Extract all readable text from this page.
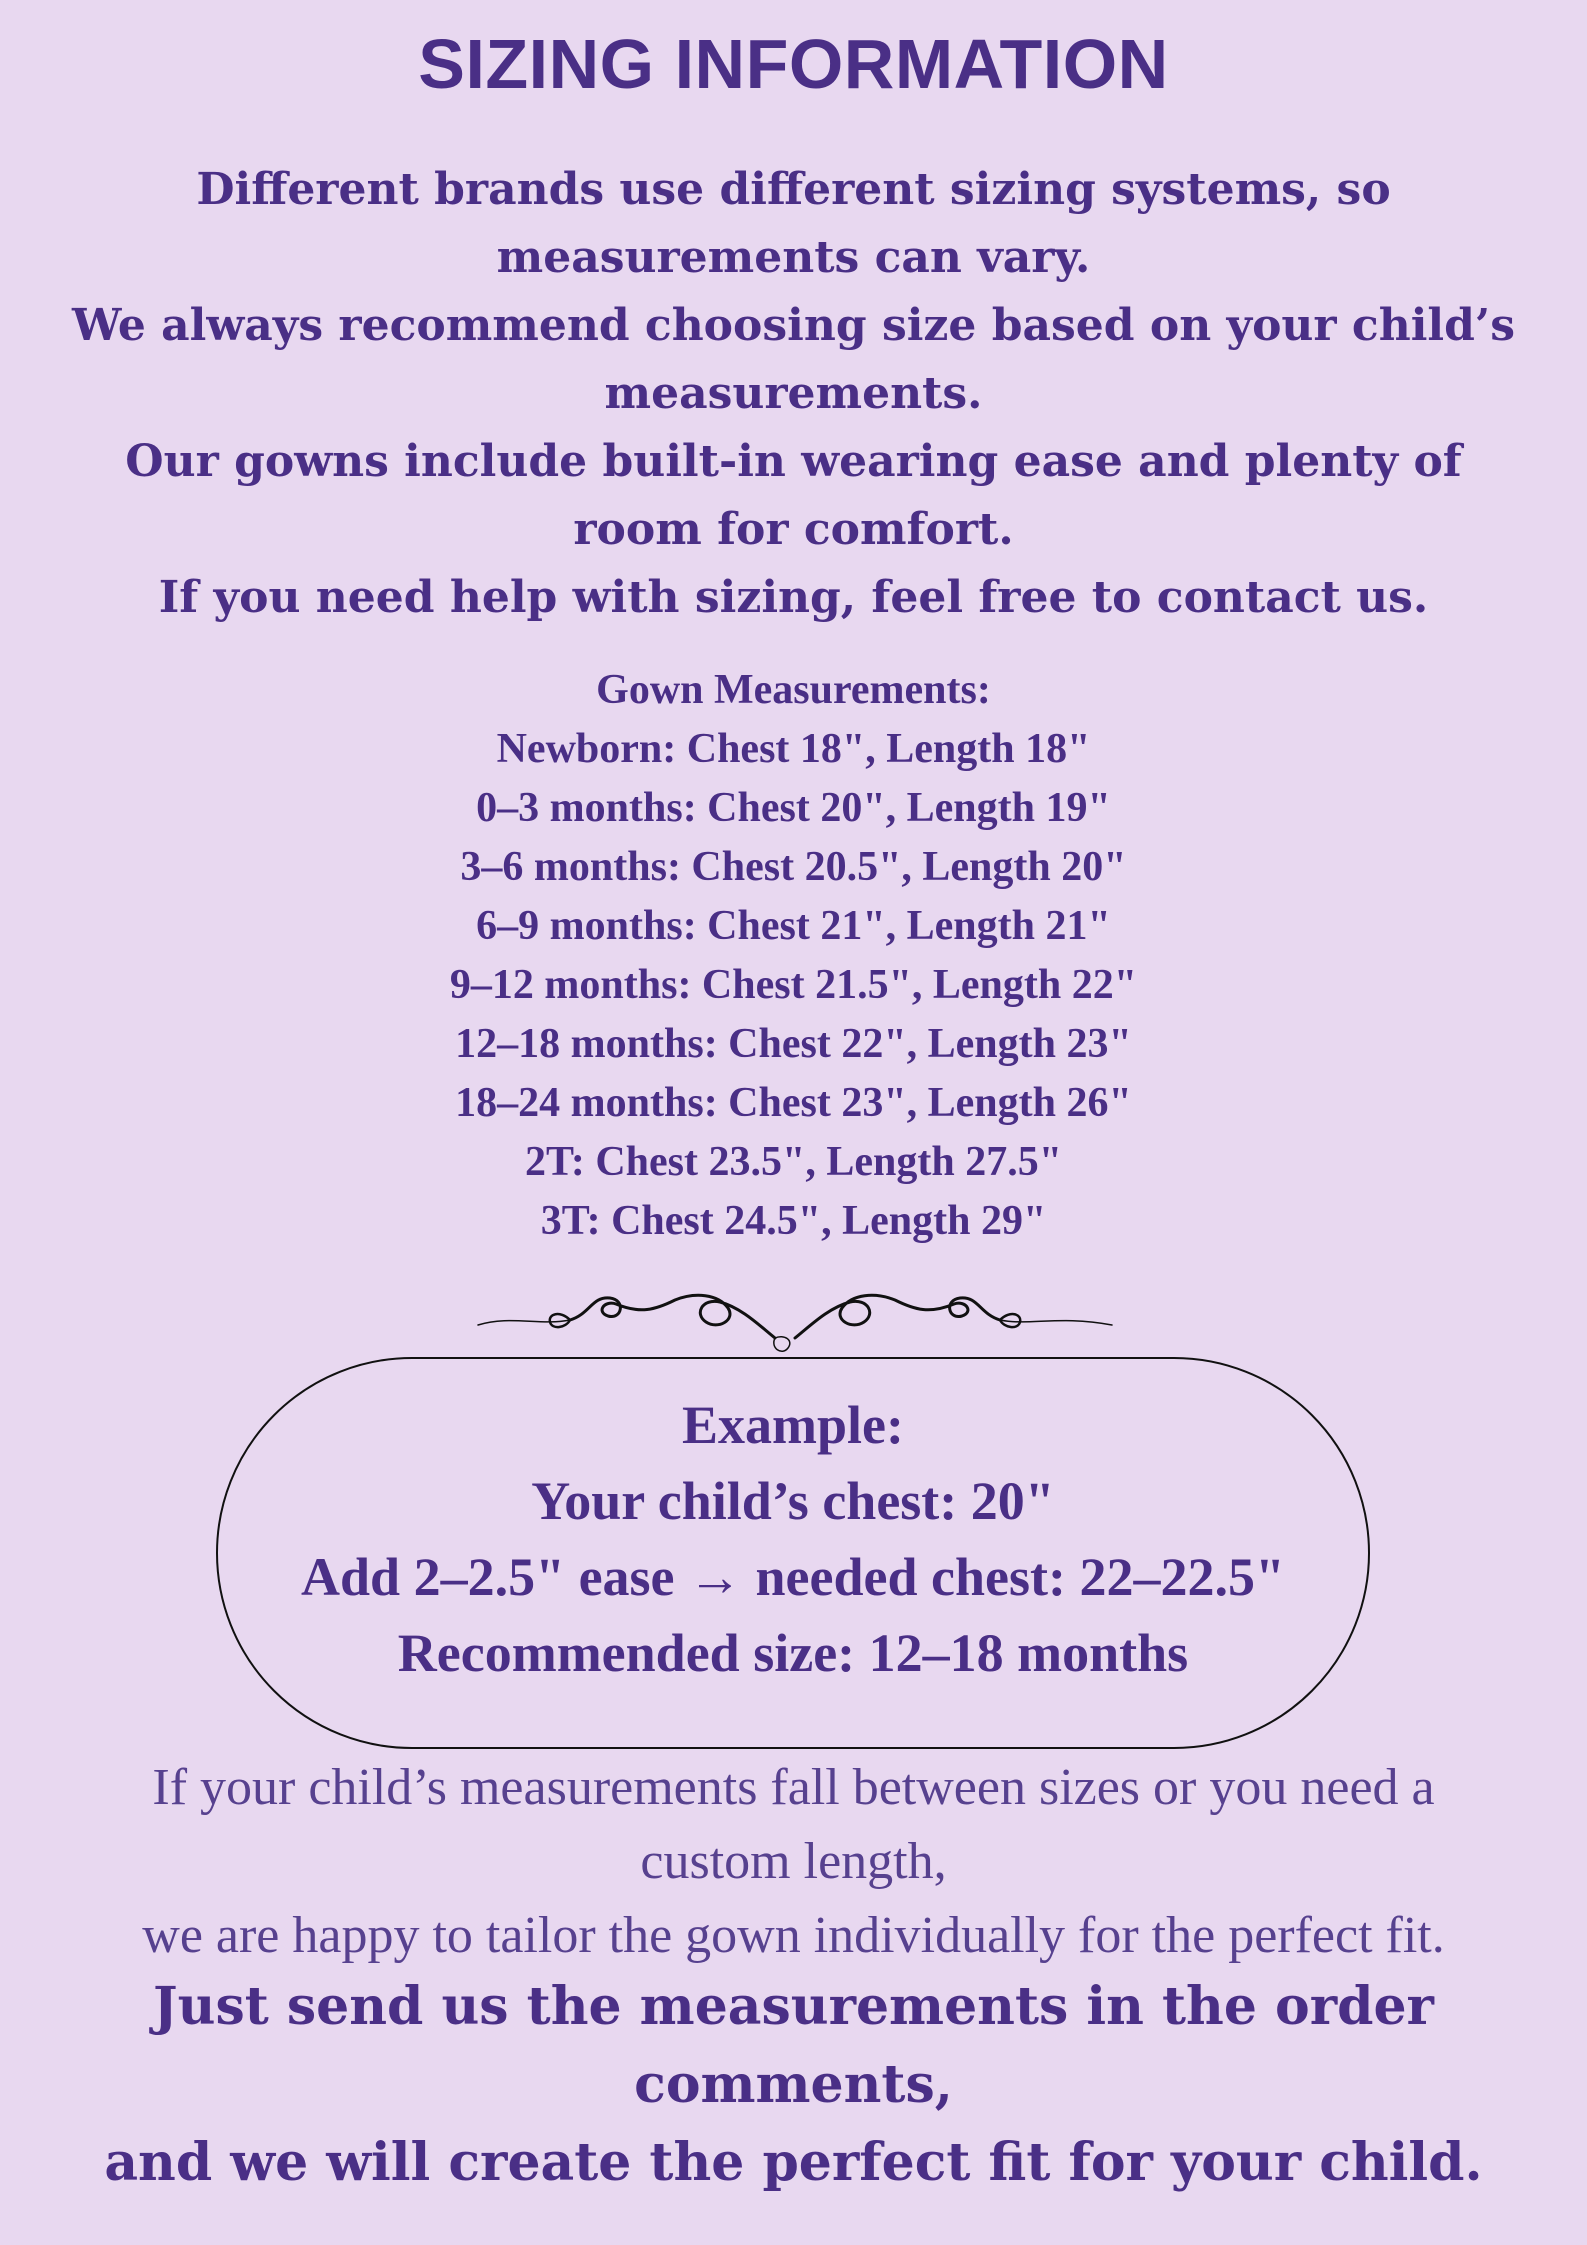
SIZING INFORMATION

Different brands use different sizing systems, so measurements can vary.

We always recommend choosing size based on your child’s measurements.

Our gowns include built-in wearing ease and plenty of room for comfort.

If you need help with sizing, feel free to contact us.

Gown Measurements:
Newborn: Chest 18", Length 18"
0–3 months: Chest 20", Length 19"
3–6 months: Chest 20.5", Length 20"
6–9 months: Chest 21", Length 21"
9–12 months: Chest 21.5", Length 22"
12–18 months: Chest 22", Length 23"
18–24 months: Chest 23", Length 26"
2T: Chest 23.5", Length 27.5"
3T: Chest 24.5", Length 29"
Example:
Your child’s chest: 20"
Add 2–2.5" ease → needed chest: 22–22.5"
Recommended size: 12–18 months
If your child’s measurements fall between sizes or you need a
custom length,
we are happy to tailor the gown individually for the perfect fit.
Just send us the measurements in the order comments,
and we will create the perfect fit for your child.
